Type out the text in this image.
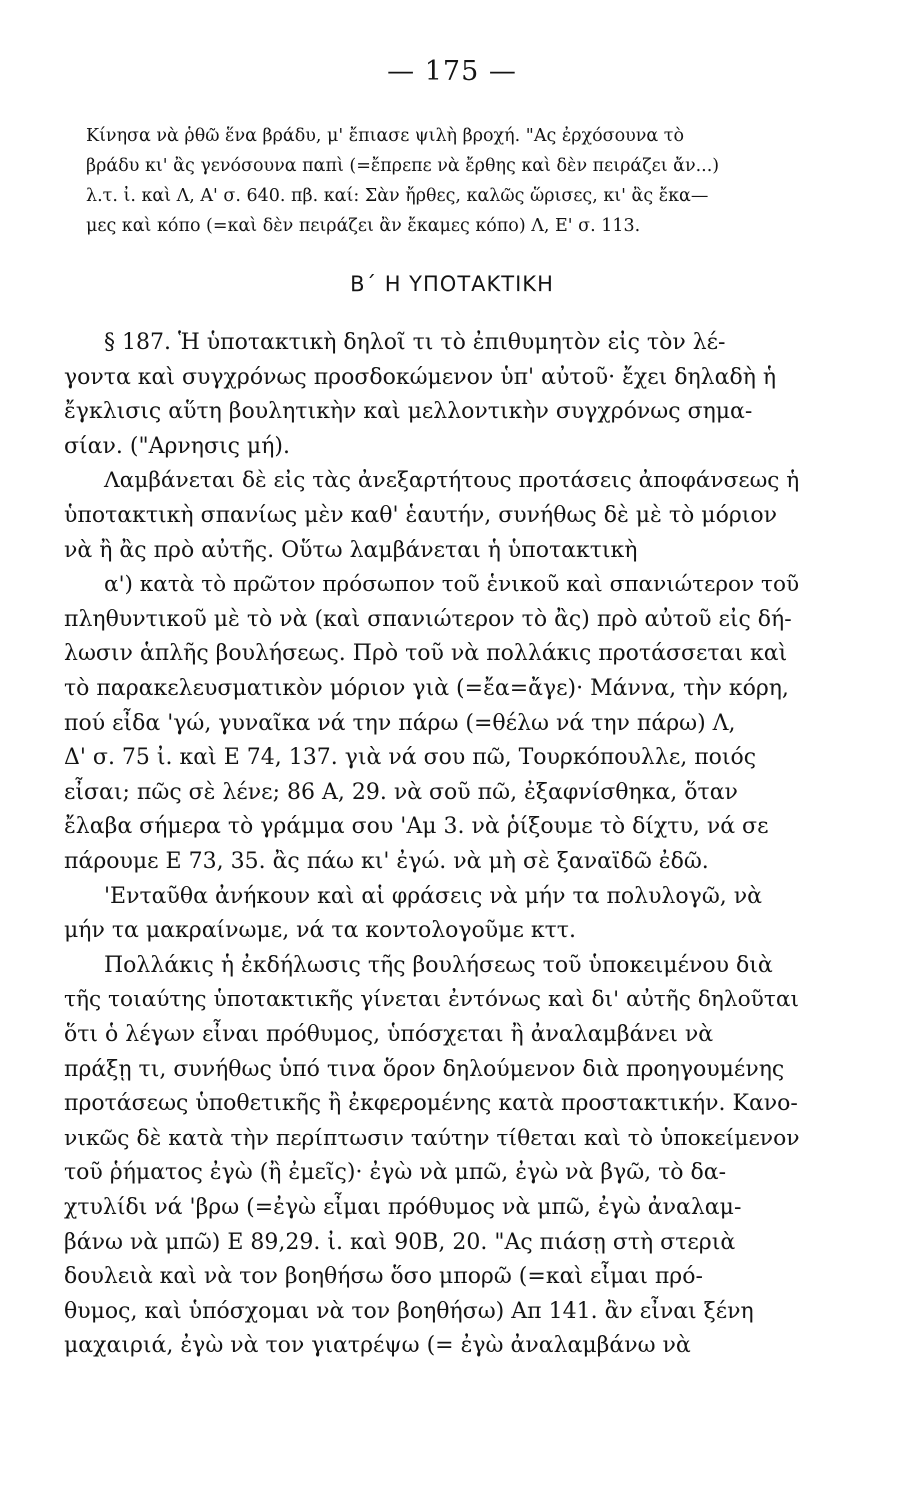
— 175 —
Κίνησα νὰ ῥθῶ ἕνα βράδυ, μ' ἔπιασε ψιλὴ βροχή. "Ας ἐρχόσουνα τὸ
βράδυ κι' ἂς γενόσουνα παπὶ (=ἔπρεπε νὰ ἔρθης καὶ δὲν πειράζει ἄν...)
λ.τ. ἰ. καὶ Λ, Α' σ. 640. πβ. καί: Σὰν ἤρθες, καλῶς ὥρισες, κι' ἂς ἔκα—
μες καὶ κόπο (=καὶ δὲν πειράζει ἂν ἔκαμες κόπο) Λ, Ε' σ. 113.
Β΄ Η ΥΠΟΤΑΚΤΙΚΗ
§ 187. Ἡ ὑποτακτικὴ δηλοῖ τι τὸ ἐπιθυμητὸν εἰς τὸν λέ-
γοντα καὶ συγχρόνως προσδοκώμενον ὑπ' αὐτοῦ· ἔχει δηλαδὴ ἡ
ἔγκλισις αὕτη βουλητικὴν καὶ μελλοντικὴν συγχρόνως σημα-
σίαν. ("Αρνησις μή).
Λαμβάνεται δὲ εἰς τὰς ἀνεξαρτήτους προτάσεις ἀποφάνσεως ἡ
ὑποτακτικὴ σπανίως μὲν καθ' ἑαυτήν, συνήθως δὲ μὲ τὸ μόριον
νὰ ἢ ἂς πρὸ αὐτῆς. Οὕτω λαμβάνεται ἡ ὑποτακτικὴ
α') κατὰ τὸ πρῶτον πρόσωπον τοῦ ἑνικοῦ καὶ σπανιώτερον τοῦ
πληθυντικοῦ μὲ τὸ νὰ (καὶ σπανιώτερον τὸ ἂς) πρὸ αὐτοῦ εἰς δή-
λωσιν ἁπλῆς βουλήσεως. Πρὸ τοῦ νὰ πολλάκις προτάσσεται καὶ
τὸ παρακελευσματικὸν μόριον γιὰ (=ἔα=ἄγε)· Μάννα, τὴν κόρη,
πού εἶδα 'γώ, γυναῖκα νά την πάρω (=θέλω νά την πάρω) Λ,
Δ' σ. 75 ἰ. καὶ Ε 74, 137. γιὰ νά σου πῶ, Τουρκόπουλλε, ποιός
εἶσαι; πῶς σὲ λένε; 86 Α, 29. νὰ σοῦ πῶ, ἐξαφνίσθηκα, ὅταν
ἔλαβα σήμερα τὸ γράμμα σου 'Αμ 3. νὰ ῥίξουμε τὸ δίχτυ, νά σε
πάρουμε Ε 73, 35. ἂς πάω κι' ἐγώ. νὰ μὴ σὲ ξαναϊδῶ ἐδῶ.
'Ενταῦθα ἀνήκουν καὶ αἱ φράσεις νὰ μήν τα πολυλογῶ, νὰ
μήν τα μακραίνωμε, νά τα κοντολογοῦμε κττ.
Πολλάκις ἡ ἐκδήλωσις τῆς βουλήσεως τοῦ ὑποκειμένου διὰ
τῆς τοιαύτης ὑποτακτικῆς γίνεται ἐντόνως καὶ δι' αὐτῆς δηλοῦται
ὅτι ὁ λέγων εἶναι πρόθυμος, ὑπόσχεται ἢ ἀναλαμβάνει νὰ
πράξῃ τι, συνήθως ὑπό τινα ὅρον δηλούμενον διὰ προηγουμένης
προτάσεως ὑποθετικῆς ἢ ἐκφερομένης κατὰ προστακτικήν. Κανο-
νικῶς δὲ κατὰ τὴν περίπτωσιν ταύτην τίθεται καὶ τὸ ὑποκείμενον
τοῦ ῥήματος ἐγὼ (ἢ ἐμεῖς)· ἐγὼ νὰ μπῶ, ἐγὼ νὰ βγῶ, τὸ δα-
χτυλίδι νά 'βρω (=ἐγὼ εἶμαι πρόθυμος νὰ μπῶ, ἐγὼ ἀναλαμ-
βάνω νὰ μπῶ) Ε 89,29. ἰ. καὶ 90Β, 20. "Ας πιάσῃ στὴ στεριὰ
δουλειὰ καὶ νὰ τον βοηθήσω ὅσο μπορῶ (=καὶ εἶμαι πρό-
θυμος, καὶ ὑπόσχομαι νὰ τον βοηθήσω) Απ 141. ἂν εἶναι ξένη
μαχαιριά, ἐγὼ νὰ τον γιατρέψω (= ἐγὼ ἀναλαμβάνω νὰ
